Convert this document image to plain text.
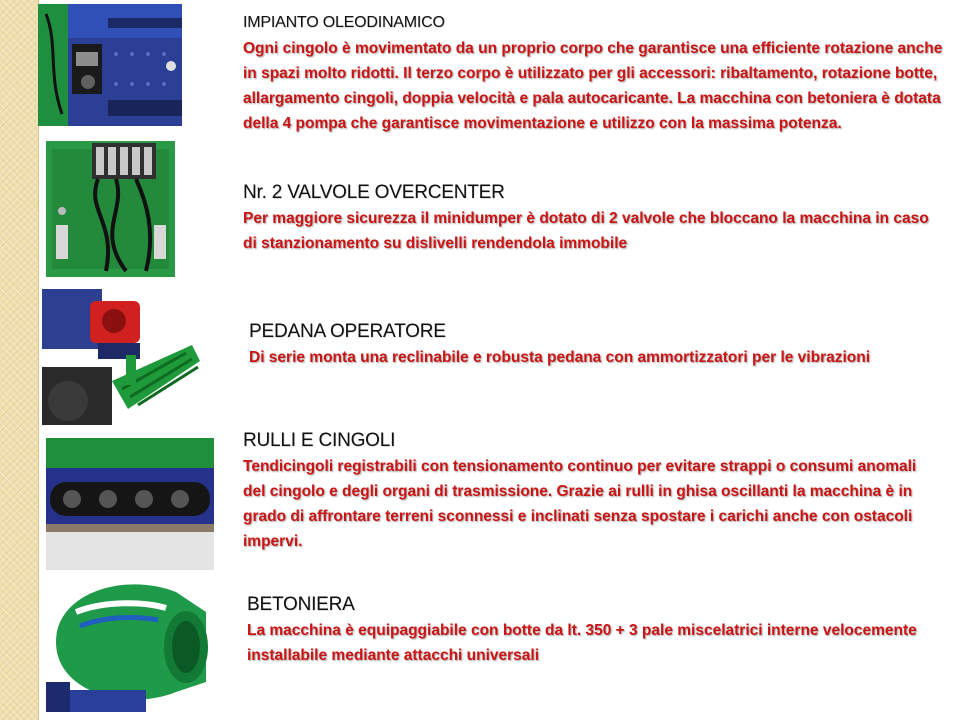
IMPIANTO OLEODINAMICO

Ogni cingolo è movimentato da un proprio corpo che garantisce una efficiente rotazione anche in spazi molto ridotti. Il terzo corpo è utilizzato per gli accessori: ribaltamento, rotazione botte, allargamento cingoli, doppia velocità e pala autocaricante. La macchina con betoniera è dotata della 4 pompa che garantisce movimentazione e utilizzo con la massima potenza.

Nr. 2 VALVOLE OVERCENTER

Per maggiore sicurezza il minidumper è dotato di 2 valvole che bloccano la macchina in caso di stanzionamento su dislivelli rendendola immobile

PEDANA OPERATORE

Di serie monta una reclinabile e robusta pedana con ammortizzatori per le vibrazioni

RULLI E CINGOLI

Tendicingoli registrabili con tensionamento continuo per evitare strappi o consumi anomali del cingolo e degli organi di trasmissione. Grazie ai rulli in ghisa oscillanti la macchina è in grado di affrontare terreni sconnessi e inclinati senza spostare i carichi anche con ostacoli impervi.

BETONIERA

La macchina è equipaggiabile con botte da lt. 350 + 3 pale miscelatrici interne velocemente installabile mediante attacchi universali
